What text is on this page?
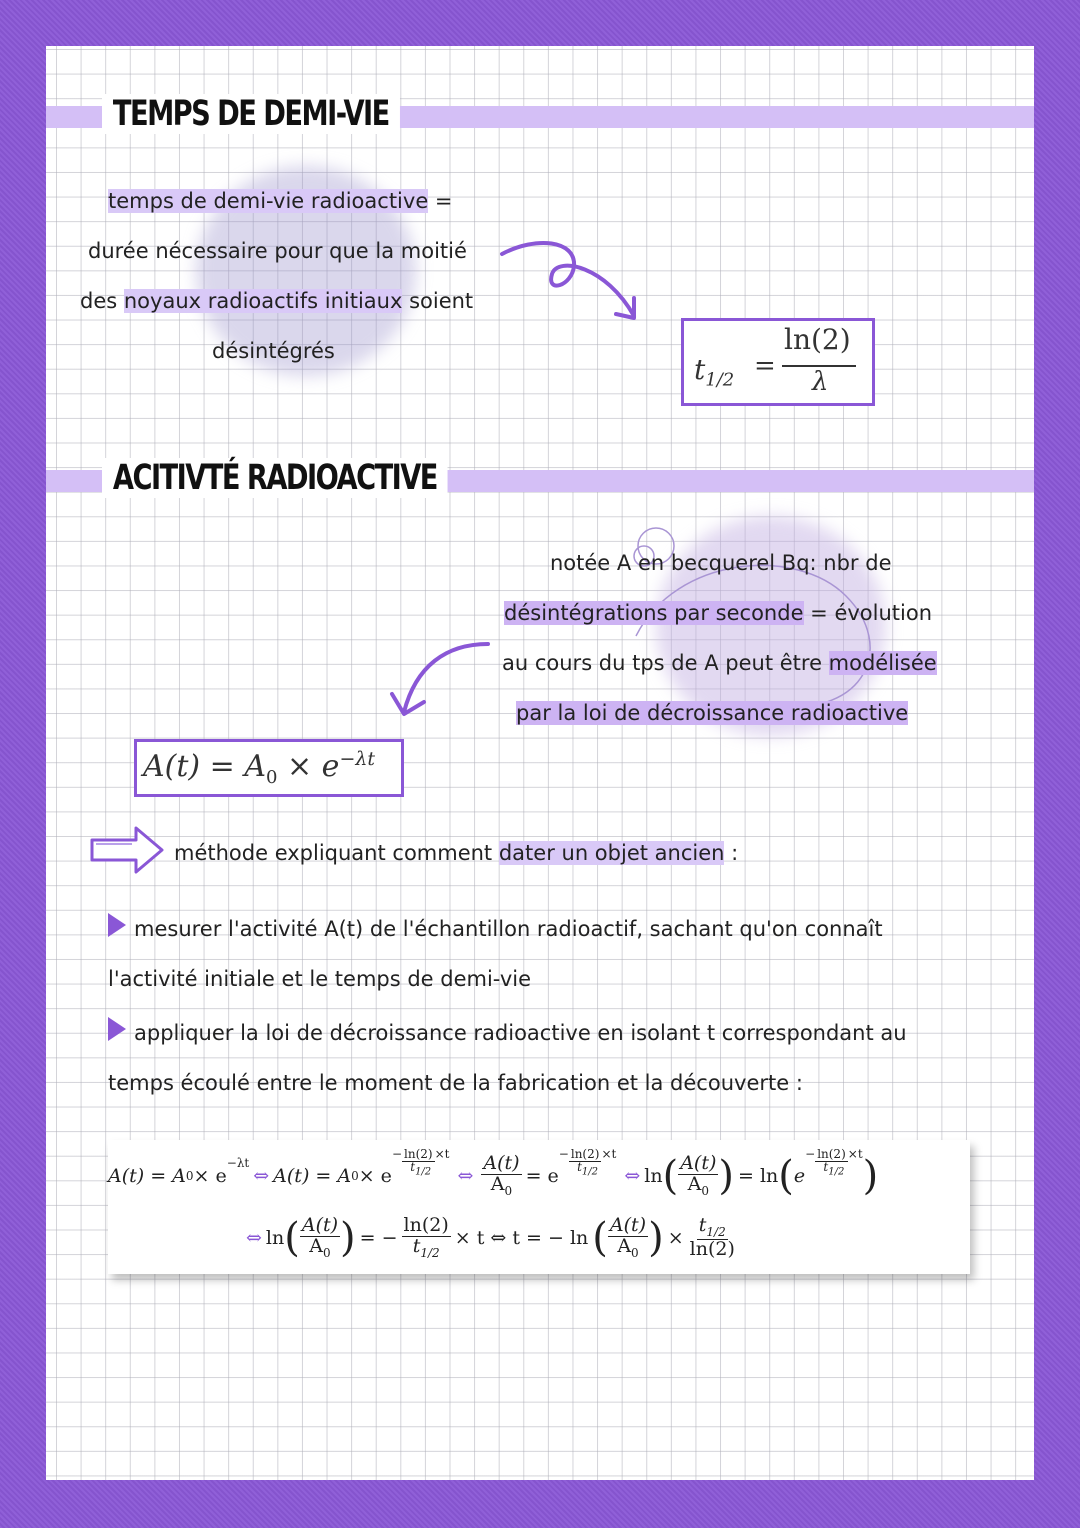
TEMPS DE DEMI-VIE
temps de demi-vie radioactive =
durée nécessaire pour que la moitié
des noyaux radioactifs initiaux soient
désintégrés
$t_{1/2}$ =
ln(2)
λ
ACITIVTÉ RADIOACTIVE
notée A en becquerel Bq: nbr de
désintégrations par seconde = évolution
au cours du tps de A peut être modélisée
par la loi de décroissance radioactive
$A(t) = A_0 \times e^{-\lambda t}$
méthode expliquant comment dater un objet ancien :
mesurer l'activité A(t) de l'échantillon radioactif, sachant qu'on connaît
l'activité initiale et le temps de demi-vie
appliquer la loi de décroissance radioactive en isolant t correspondant au
temps écoulé entre le moment de la fabrication et la découverte :
A(t) = A 0 × e
$^{-\lambda t}$
⇔ A(t) = A 0 × e
− ln(2) ×t
$t_{1/2}$ ⇔ $\frac{A(t)}{A_0} = e$
− ln(2) ×t
$t_{1/2}$ ⇔ ln ( $\frac{A(t)}{A_0}$ ) = ln ( e
− ln(2) ×t
$t_{1/2}$ )
⇔ ln ( $\frac{A(t)}{A_0}$ ) = − $\frac{\ln(2)}{t_{1/2}} \times t$ ⇔ t = − ln ( $\frac{A(t)}{A_0}$ ) × $\frac{t_{1/2}}{\ln(2)}$
